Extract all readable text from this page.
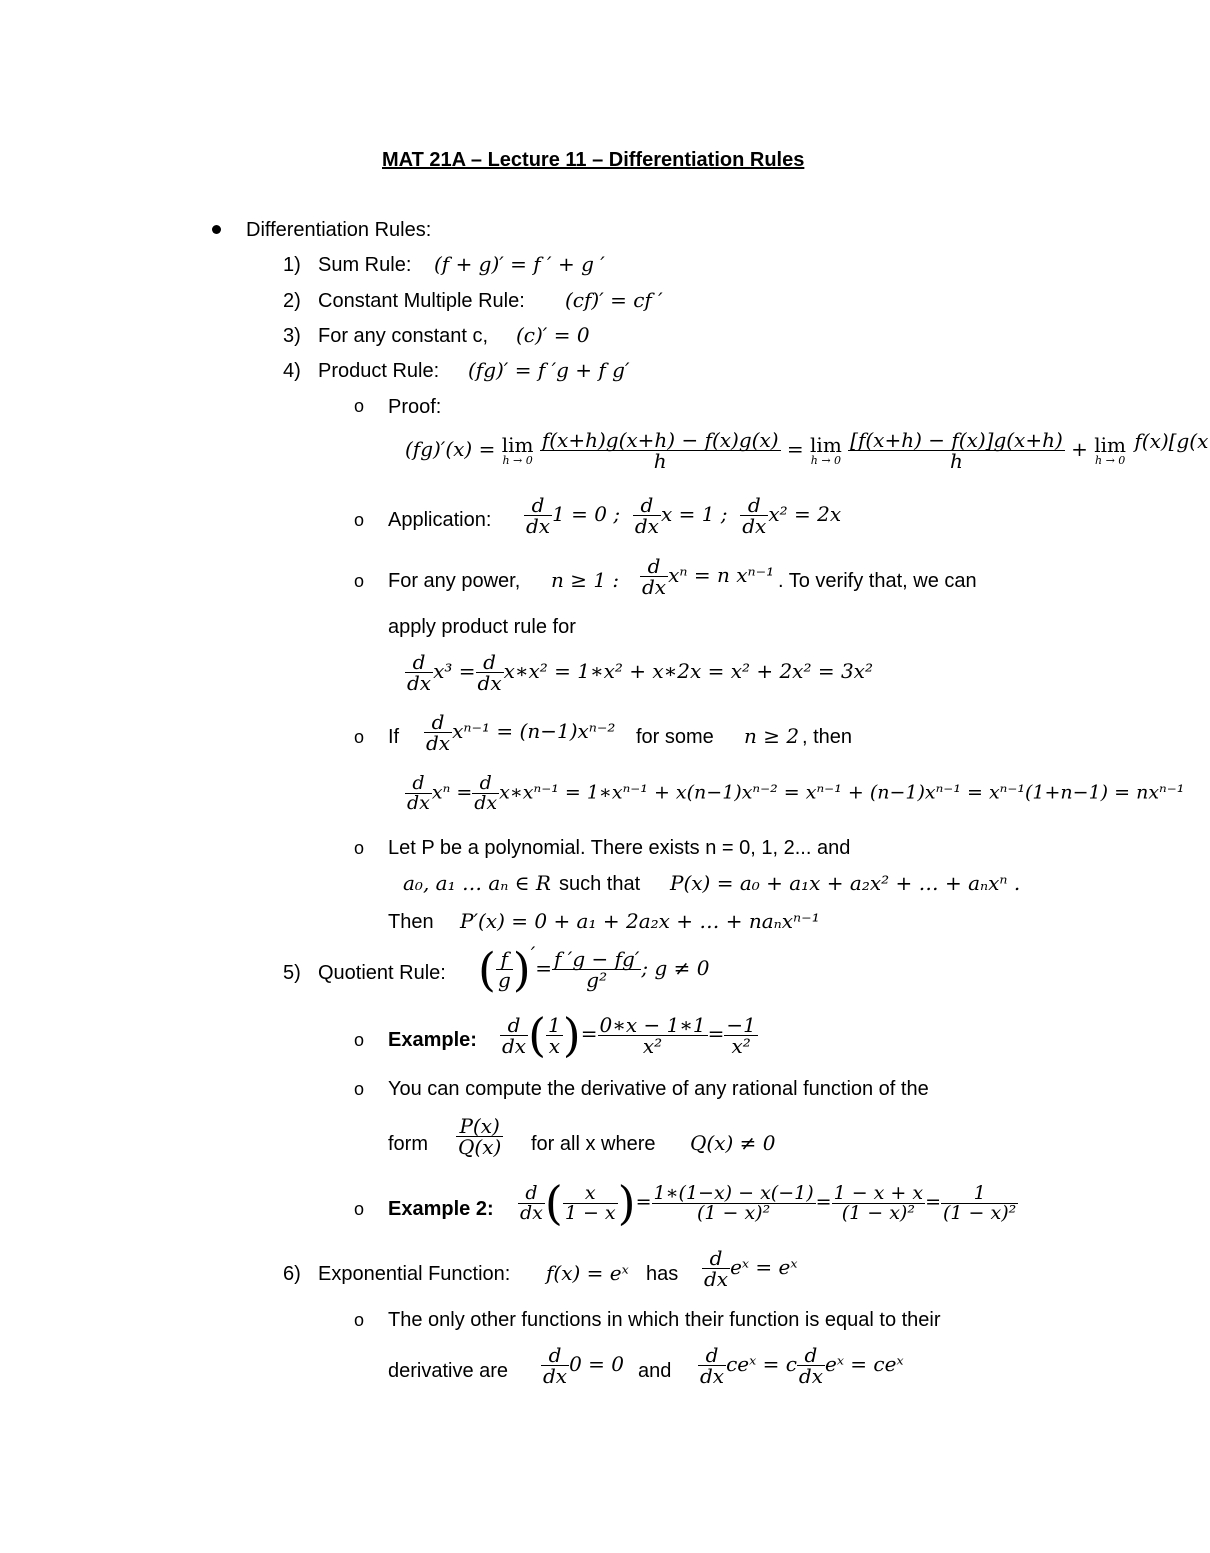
MAT 21A – Lecture 11 – Differentiation Rules
Differentiation Rules:
1) Sum Rule: (f + g)′ = f ′ + g ′
2) Constant Multiple Rule: (cf)′ = cf ′
3) For any constant c, (c)′ = 0
4) Product Rule: (fg)′ = f ′g + f g′
o Proof:
(fg)′(x) = lim
h → 0
$\frac{f(x+h)g(x+h) - f(x)g(x)}{h} = \lim$
h → 0
$\frac{[f(x+h) - f(x)]g(x+h)}{h} + \lim$
h → 0

f(x)[g(x

o Application: $\frac{d}{dx} 1 = 0$ ; $\frac{d}{dx}$ x = 1 ; $\frac{d}{dx} x^2 = 2x$
o For any power, n ≥ 1 : $\frac{d}{dx}$ xⁿ = n xⁿ⁻¹ . To verify that, we can
apply product rule for
$\frac{d}{dx} x^3 = \frac{d}{dx}$ x∗x² = 1∗x² + x∗2x = x² + 2x² = 3x²
o If $\frac{d}{dx} x^{n-1} = (n-1)x^{n-2}$ for some n ≥ 2 , then
$\frac{d}{dx}$ $x^n = \frac{d}{dx}$ x∗xⁿ⁻¹ = 1∗xⁿ⁻¹ + x(n−1)xⁿ⁻² = xⁿ⁻¹ + (n−1)xⁿ⁻¹ = xⁿ⁻¹(1+n−1) = nxⁿ⁻¹
o Let P be a polynomial. There exists n = 0, 1, 2... and
a₀, a₁ … aₙ ∈ R such that P(x) = a₀ + a₁x + a₂x² + … + aₙxⁿ .
Then P′(x) = 0 + a₁ + 2a₂x + … + naₙxⁿ⁻¹
5) Quotient Rule: ( $\frac{f}{g}$ )′= $\frac{f 'g - fg'}{\text{g²}}$ ; g ≠ 0
o Example: $\frac{d}{dx}$ ( $\frac{1}{x}$ )= $\frac{0∗x - 1∗1}{\text{x²}} = \frac{-1}{\text{x²}}$
o You can compute the derivative of any rational function of the
form $\frac{P(x)}{Q(x)}$ for all x where Q(x) ≠ 0
o Example 2: $\frac{d}{dx}$ ( $\frac{x}{1 - x}$ )= $\frac{1∗(1-x) - x(-1)}{\text{(1 − x)²}} = \frac{1 - x + x}{\text{(1 − x)²}} = \frac{1}{\text{(1 − x)²}}$
6) Exponential Function: f(x) = eˣ has $\frac{d}{dx}$ eˣ = eˣ
o The only other functions in which their function is equal to their
derivative are $\frac{d}{dx} 0 = 0$ and $\frac{d}{dx}$ ceˣ = c $\frac{d}{dx}$ eˣ = ceˣ
